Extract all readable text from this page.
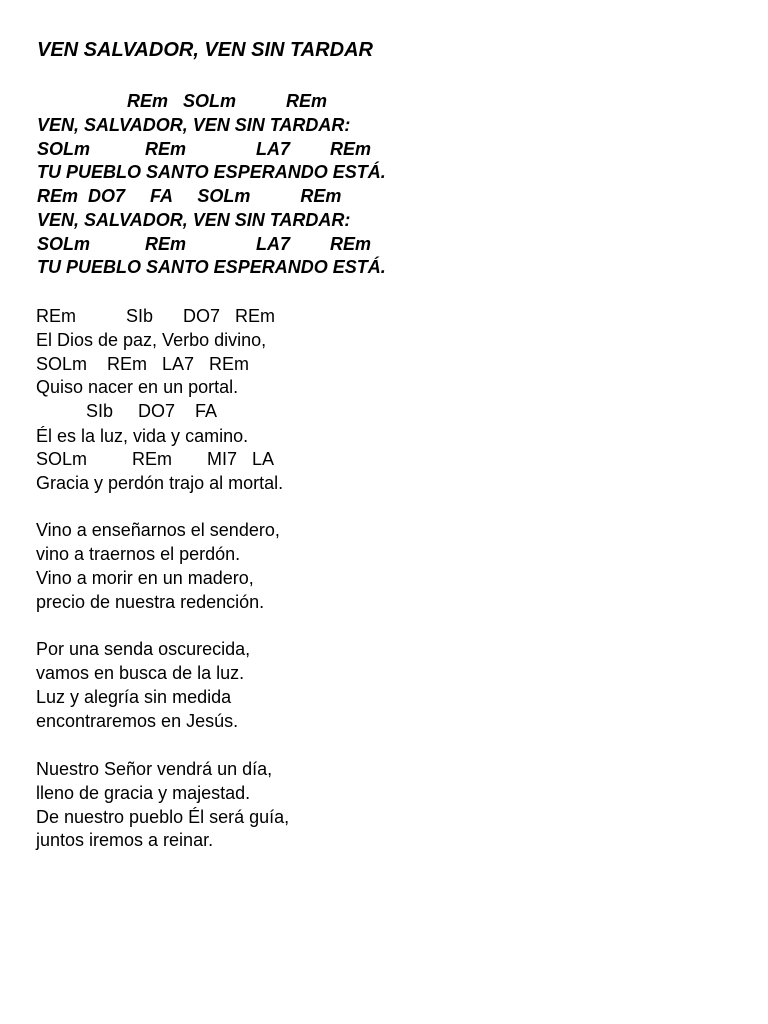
VEN SALVADOR, VEN SIN TARDAR
REm   SOLm          REm
VEN, SALVADOR, VEN SIN TARDAR:
SOLm           REm              LA7        REm
TU PUEBLO SANTO ESPERANDO ESTÁ.
REm  DO7     FA     SOLm          REm
VEN, SALVADOR, VEN SIN TARDAR:
SOLm           REm              LA7        REm
TU PUEBLO SANTO ESPERANDO ESTÁ.
REm          SIb      DO7   REm
El Dios de paz, Verbo divino,
SOLm    REm   LA7   REm
Quiso nacer en un portal.
SIb     DO7    FA
Él es la luz, vida y camino.
SOLm         REm       MI7   LA
Gracia y perdón trajo al mortal.
Vino a enseñarnos el sendero,
vino a traernos el perdón.
Vino a morir en un madero,
precio de nuestra redención.
Por una senda oscurecida,
vamos en busca de la luz.
Luz y alegría sin medida
encontraremos en Jesús.
Nuestro Señor vendrá un día,
lleno de gracia y majestad.
De nuestro pueblo Él será guía,
juntos iremos a reinar.
